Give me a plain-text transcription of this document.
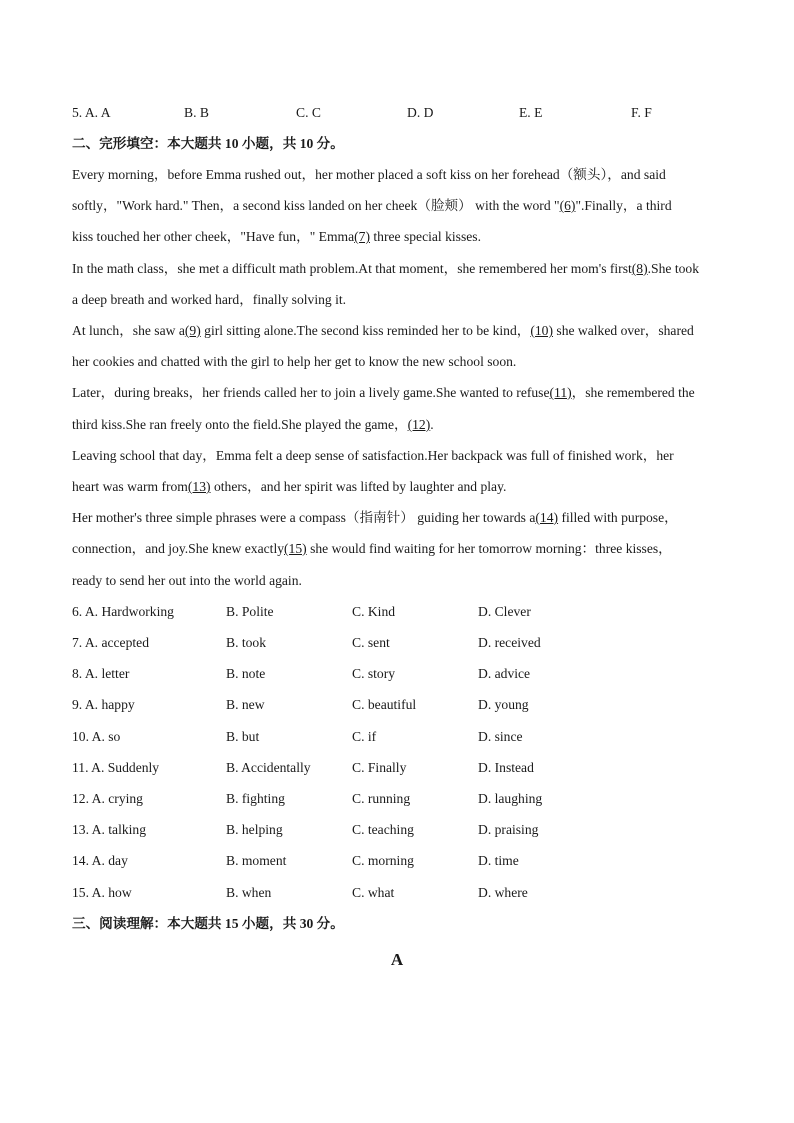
5. A. A	B. B	C. C	D. D	E. E	F. F
二、完形填空：本大题共 10 小题，共 10 分。
Every morning，before Emma rushed out，her mother placed a soft kiss on her forehead（额头），and said
softly，"Work hard." Then，a second kiss landed on her cheek（脸颊） with the word "(6)".Finally，a third
kiss touched her other cheek，"Have fun，" Emma(7) three special kisses.
In the math class，she met a difficult math problem.At that moment，she remembered her mom's first(8).She took
a deep breath and worked hard，finally solving it.
At lunch，she saw a(9) girl sitting alone.The second kiss reminded her to be kind，(10) she walked over，shared
her cookies and chatted with the girl to help her get to know the new school soon.
Later，during breaks，her friends called her to join a lively game.She wanted to refuse(11)，she remembered the
third kiss.She ran freely onto the field.She played the game，(12).
Leaving school that day，Emma felt a deep sense of satisfaction.Her backpack was full of finished work，her
heart was warm from(13) others，and her spirit was lifted by laughter and play.
Her mother's three simple phrases were a compass（指南针） guiding her towards a(14) filled with purpose，
connection，and joy.She knew exactly(15) she would find waiting for her tomorrow morning：three kisses，
ready to send her out into the world again.
6. A. Hardworking	B. Polite	C. Kind	D. Clever
7. A. accepted	B. took	C. sent	D. received
8. A. letter	B. note	C. story	D. advice
9. A. happy	B. new	C. beautiful	D. young
10. A. so	B. but	C. if	D. since
11. A. Suddenly	B. Accidentally	C. Finally	D. Instead
12. A. crying	B. fighting	C. running	D. laughing
13. A. talking	B. helping	C. teaching	D. praising
14. A. day	B. moment	C. morning	D. time
15. A. how	B. when	C. what	D. where
三、阅读理解：本大题共 15 小题，共 30 分。
A
